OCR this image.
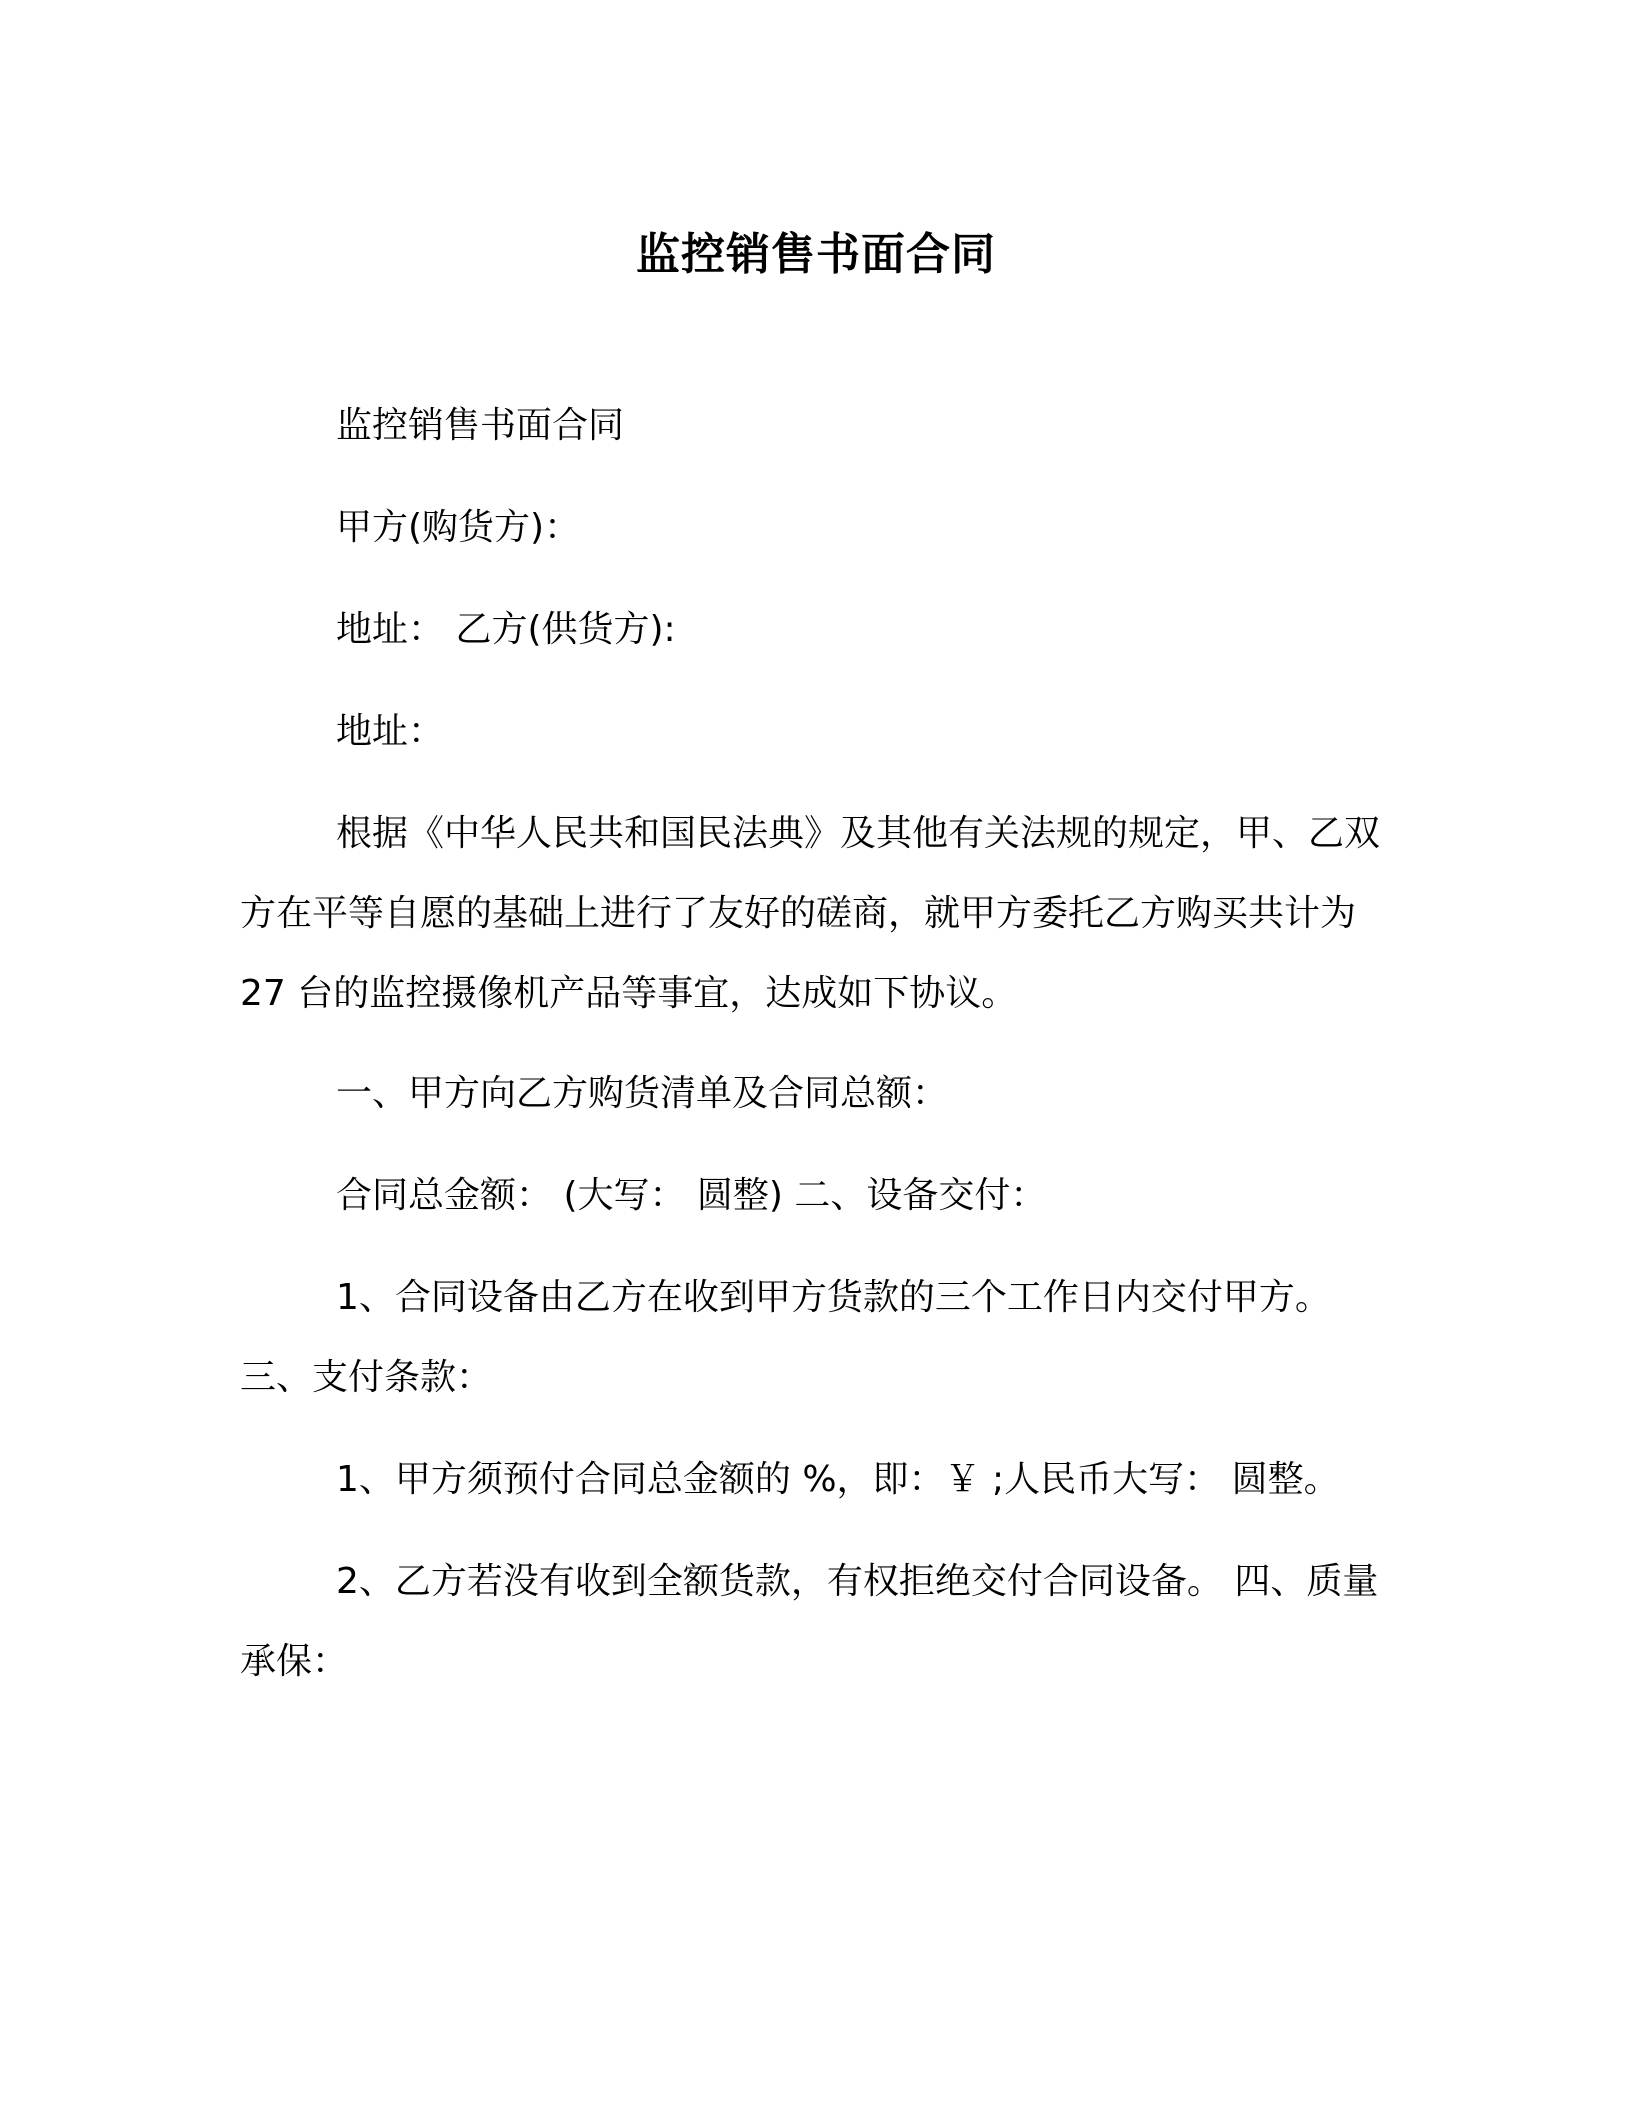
监控销售书面合同

监控销售书面合同

甲方(购货方)：

地址： 乙方(供货方):

地址：

根据《中华人民共和国民法典》及其他有关法规的规定，甲、乙双方在平等自愿的基础上进行了友好的磋商，就甲方委托乙方购买共计为 27 台的监控摄像机产品等事宜，达成如下协议。

一、甲方向乙方购货清单及合同总额：

合同总金额： (大写： 圆整) 二、设备交付：

1、合同设备由乙方在收到甲方货款的三个工作日内交付甲方。三、支付条款：

1、甲方须预付合同总金额的 %，即：￥ ;人民币大写： 圆整。

2、乙方若没有收到全额货款，有权拒绝交付合同设备。 四、质量承保：
